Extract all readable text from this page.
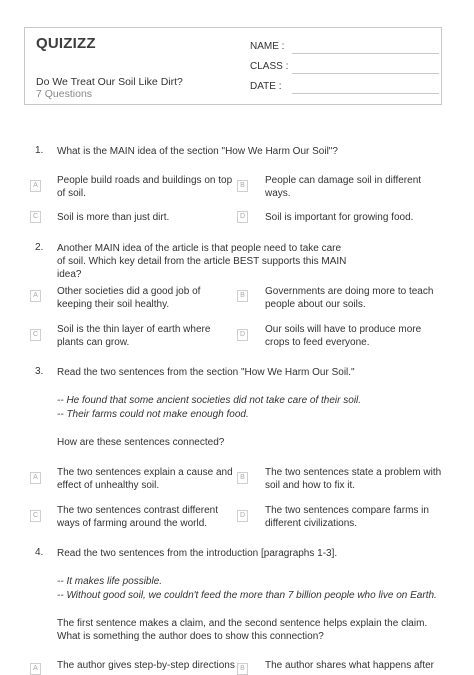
QUIZIZZ
Do We Treat Our Soil Like Dirt?
7 Questions
NAME :
CLASS :
DATE :
1. What is the MAIN idea of the section "How We Harm Our Soil"?
A	People build roads and buildings on top of soil.
B	People can damage soil in different ways.
C Soil is more than just dirt.	D Soil is important for growing food.
2. Another MAIN idea of the article is that people need to take care of soil. Which key detail from the article BEST supports this MAIN idea?
A	Other societies did a good job of keeping their soil healthy.
B	Governments are doing more to teach people about our soils.
C Soil is the thin layer of earth where plants can grow.
D Our soils will have to produce more crops to feed everyone.
3. Read the two sentences from the section "How We Harm Our Soil."
-- He found that some ancient societies did not take care of their soil.
-- Their farms could not make enough food.
How are these sentences connected?
A	The two sentences explain a cause and effect of unhealthy soil.
B	The two sentences state a problem with soil and how to fix it.
C The two sentences contrast different ways of farming around the world.
D The two sentences compare farms in different civilizations.
4. Read the two sentences from the introduction [paragraphs 1-3].
-- It makes life possible.
-- Without good soil, we couldn't feed the more than 7 billion people who live on Earth.
The first sentence makes a claim, and the second sentence helps explain the claim. What is something the author does to show this connection?
A	The author gives step-by-step directions B	The author shares what happens after
